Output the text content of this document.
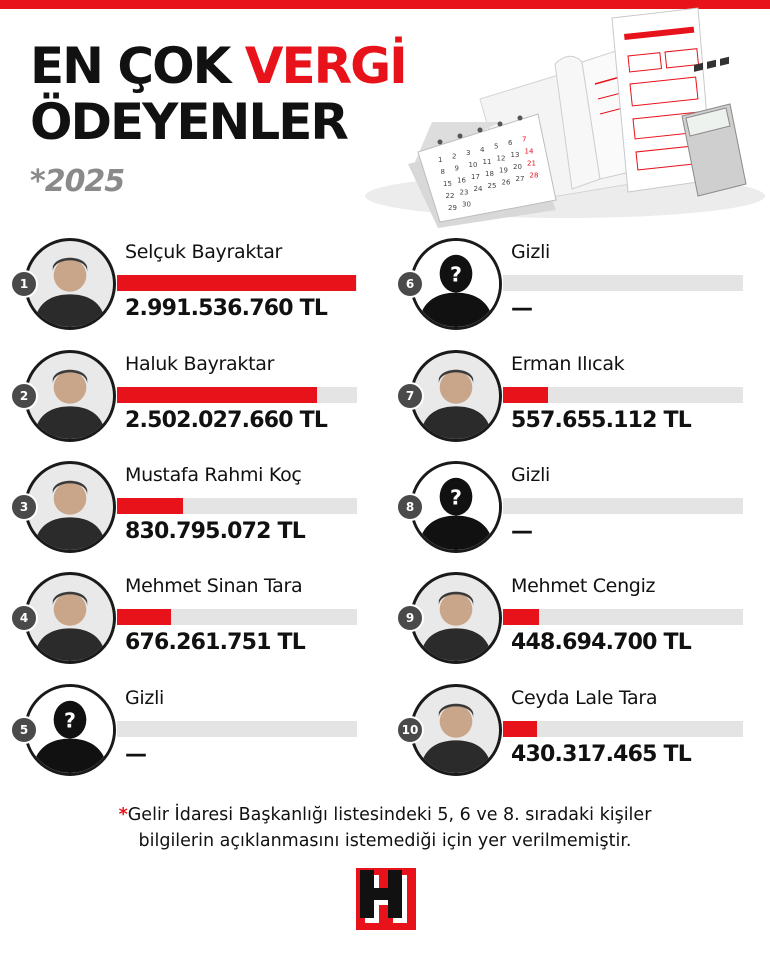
EN ÇOK VERGİ
ÖDEYENLER
*2025
1 2 3 4 5 6 7
8 9 10 11 12 13 14
15 16 17 18 19 20 21
22 23 24 25 26 27 28
29 30
1
Selçuk Bayraktar
2.991.536.760 TL
2
Haluk Bayraktar
2.502.027.660 TL
3
Mustafa Rahmi Koç
830.795.072 TL
4
Mehmet Sinan Tara
676.261.751 TL
?
5
Gizli
—
?
6
Gizli
—
7
Erman Ilıcak
557.655.112 TL
?
8
Gizli
—
9
Mehmet Cengiz
448.694.700 TL
10
Ceyda Lale Tara
430.317.465 TL
*Gelir İdaresi Başkanlığı listesindeki 5, 6 ve 8. sıradaki kişiler
bilgilerin açıklanmasını istemediği için yer verilmemiştir.
